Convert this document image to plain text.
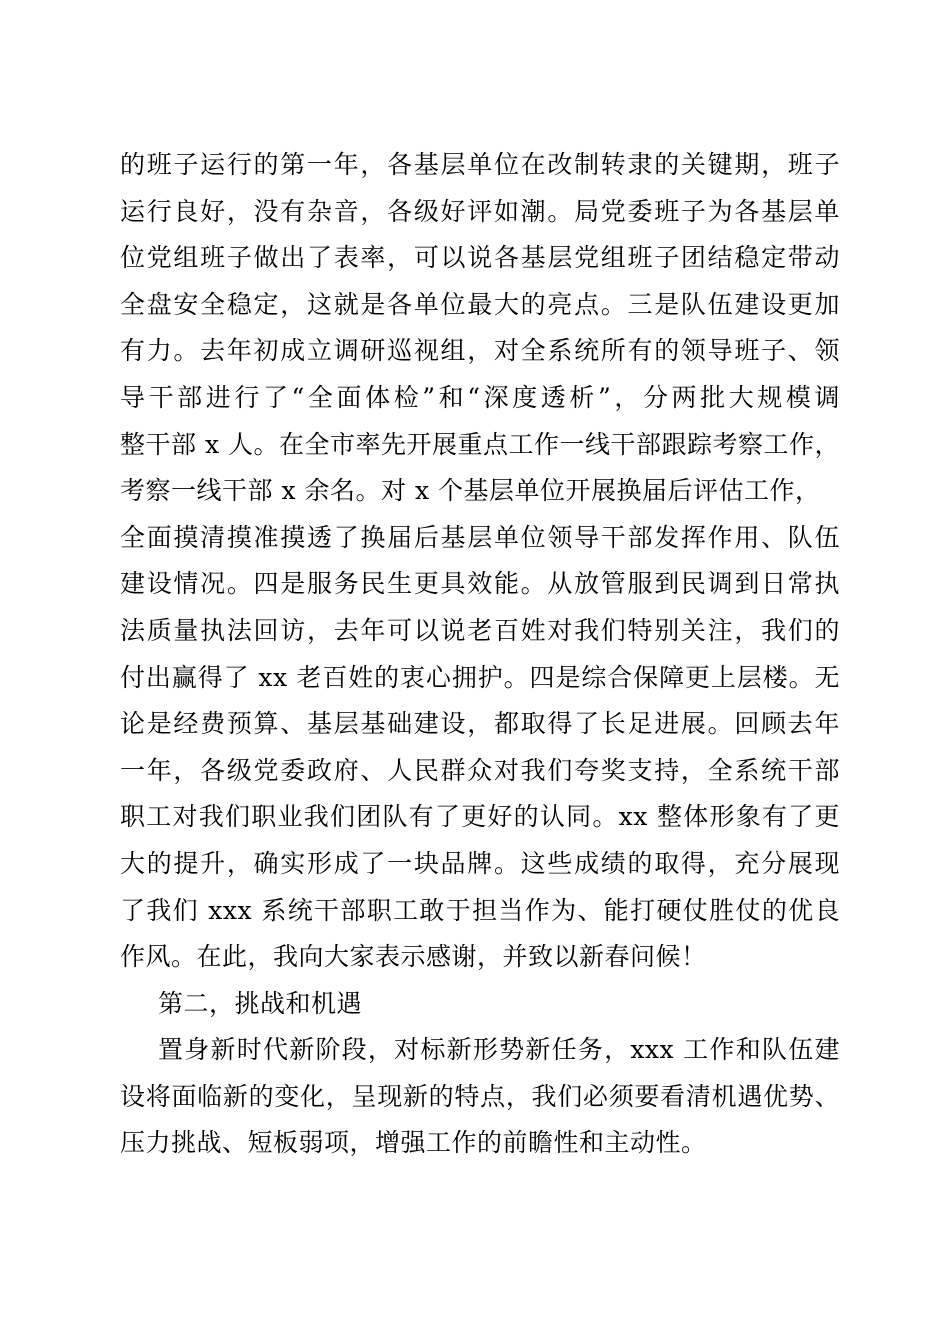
的班子运行的第一年，各基层单位在改制转隶的关键期，班子
运行良好，没有杂音，各级好评如潮。局党委班子为各基层单
位党组班子做出了表率，可以说各基层党组班子团结稳定带动
全盘安全稳定，这就是各单位最大的亮点。三是队伍建设更加
有力。去年初成立调研巡视组，对全系统所有的领导班子、领
导干部进行了“全面体检”和“深度透析”，分两批大规模调
整干部 x 人。在全市率先开展重点工作一线干部跟踪考察工作，
考察一线干部 x 余名。对 x 个基层单位开展换届后评估工作，
全面摸清摸准摸透了换届后基层单位领导干部发挥作用、队伍
建设情况。四是服务民生更具效能。从放管服到民调到日常执
法质量执法回访，去年可以说老百姓对我们特别关注，我们的
付出赢得了 xx 老百姓的衷心拥护。四是综合保障更上层楼。无
论是经费预算、基层基础建设，都取得了长足进展。回顾去年
一年，各级党委政府、人民群众对我们夸奖支持，全系统干部
职工对我们职业我们团队有了更好的认同。xx 整体形象有了更
大的提升，确实形成了一块品牌。这些成绩的取得，充分展现
了我们 xxx 系统干部职工敢于担当作为、能打硬仗胜仗的优良
作风。在此，我向大家表示感谢，并致以新春问候！
第二，挑战和机遇
置身新时代新阶段，对标新形势新任务，xxx 工作和队伍建
设将面临新的变化，呈现新的特点，我们必须要看清机遇优势、
压力挑战、短板弱项，增强工作的前瞻性和主动性。
